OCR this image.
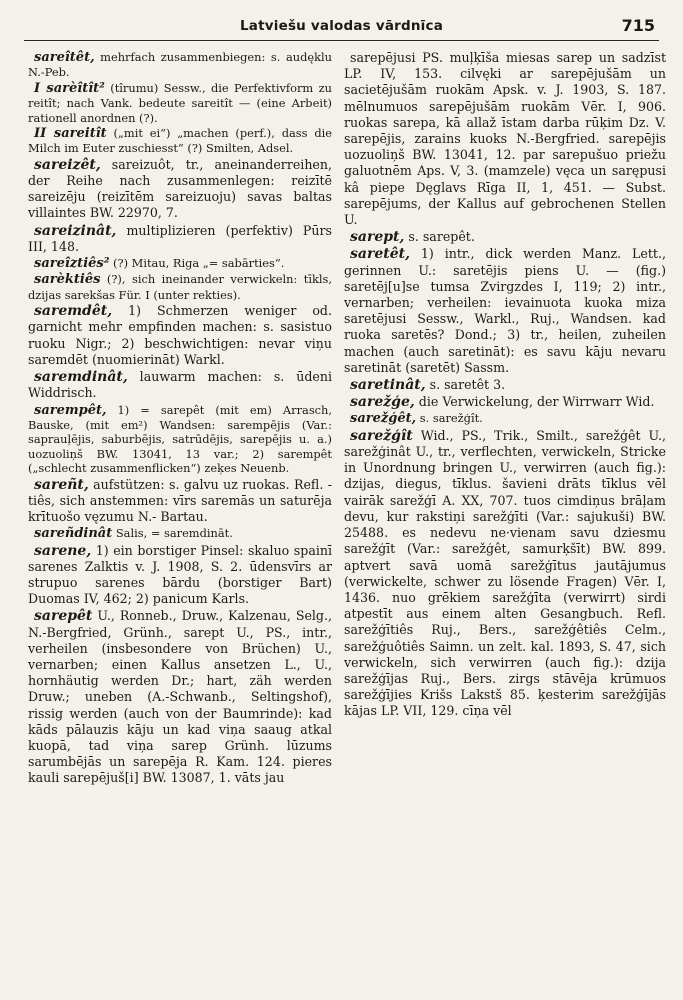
Latviešu valodas vārdnīca	715

sareîtêt, mehrfach zusammenbiegen: s. audęklu N.-Peb.

I sarèîtît² (tîrumu) Sessw., die Perfektivform zu reitît; nach Vank. bedeute sareitît — (eine Arbeit) rationell anordnen (?).

II sareitît („mit ei“) „machen (perf.), dass die Milch im Euter zuschiesst“ (?) Smilten, Adsel.

sareizêt, sareizuôt, tr., aneinanderreihen, der Reihe nach zusammenlegen: reizītē sareizēju (reizītēm sareizuoju) savas baltas villaintes BW. 22970, 7.

sareizinât, multiplizieren (perfektiv) Pūrs III, 148.

sareîztiês² (?) Mitau, Riga „= sabārties“.

sarèktiês (?), sich ineinander verwickeln: tīkls, dzijas sarekšas Für. I (unter rekties).

saremdêt, 1) Schmerzen weniger od. garnicht mehr empfinden machen: s. sasistuo ruoku Nigr.; 2) beschwichtigen: nevar viņu saremdēt (nuomierināt) Warkl.

saremdinât, lauwarm machen: s. ūdeni Widdrisch.

sarempêt, 1) = sarepêt (mit em) Arrasch, Bauske, (mit em²) Wandsen: sarempējis (Var.: saprauļējis, saburbējis, satrūdējis, sarepējis u. a.) uozuoliņš BW. 13041, 13 var.; 2) sarempêt („schlecht zusammenflicken“) zeķes Neuenb.

sareñt, aufstützen: s. galvu uz ruokas. Refl. -tiês, sich anstemmen: vīrs saremās un saturēja krītuošo vęzumu N.- Bartau.

sareñdinât Salis, = saremdināt.

sarene, 1) ein borstiger Pinsel: skaluo spainī sarenes Zalktis v. J. 1908, S. 2. ūdensvīrs ar strupuo sarenes bārdu (borstiger Bart) Duomas IV, 462; 2) panicum Karls.

sarepêt U., Ronneb., Druw., Kalzenau, Selg., N.-Bergfried, Grünh., sarept U., PS., intr., verheilen (insbesondere von Brüchen) U., vernarben; einen Kallus ansetzen L., U., hornhäutig werden Dr.; hart, zäh werden Druw.; uneben (A.-Schwanb., Seltingshof), rissig werden (auch von der Baumrinde): kad kāds pālauzis kāju un kad viņa saaug atkal kuopā, tad viņa sarep Grünh. lūzums sarumbējās un sarepēja R. Kam. 124. pieres kauli sarepējuš[i] BW. 13087, 1. vāts jau

sarepējusi PS. muļķīša miesas sarep un sadzīst LP. IV, 153. cilvęki ar sarepējušām un sacietējušām ruokām Apsk. v. J. 1903, S. 187. mēlnumuos sarepējušām ruokām Vēr. I, 906. ruokas sarepa, kā allaž īstam darba rūķim Dz. V. sarepējis, zarains kuoks N.-Bergfried. sarepējis uozuoliņš BW. 13041, 12. par sareрušuo priežu galuotnēm Aps. V, 3. (mamzele) vęca un sarępusi kâ piepe Dęglavs Rīga II, 1, 451. — Subst. sarepējums, der Kallus auf gebrochenen Stellen U.

sarept, s. sarepêt.

saretêt, 1) intr., dick werden Manz. Lett., gerinnen U.: saretējis piens U. — (fig.) saretēj[u]se tumsa Zvirgzdes I, 119; 2) intr., vernarben; verheilen: ievainuota kuoka miza saretējusi Sessw., Warkl., Ruj., Wandsen. kad ruoka saretēs? Dond.; 3) tr., heilen, zuheilen machen (auch saretināt): es savu kāju nevaru saretināt (saretēt) Sassm.

saretinât, s. saretêt 3.

sarežģe, die Verwickelung, der Wirrwarr Wid.

sarežģêt, s. sarežģît.

sarežģît Wid., PS., Trik., Smilt., sarežģêt U., sarežģinât U., tr., verflechten, verwickeln, Stricke in Unordnung bringen U., verwirren (auch fig.): dzijas, diegus, tīklus. šavieni drāts tīklus vēl vairāk sarežģī A. XX, 707. tuos cimdiņus brāļam devu, kur rakstiņi sarežģīti (Var.: sajukuši) BW. 25488. es nedevu ne·vienam savu dziesmu sarežģīt (Var.: sarežģêt, samurķšīt) BW. 899. aptvert savā uomā sarežģītus jautājumus (verwickelte, schwer zu lösende Fragen) Vēr. I, 1436. nuo grēkiem sarežģīta (verwirrt) sirdi atpestīt aus einem alten Gesangbuch. Refl. sarežģītiês Ruj., Bers., sarežģêtiês Celm., sarežģuôtiês Saimn. un zelt. kal. 1893, S. 47, sich verwickeln, sich verwirren (auch fig.): dzija sarežģījas Ruj., Bers. zirgs stāvēja krūmuos sarežģījies Krišs Lakstš 85. ķesterim sarežģījās kājas LP. VII, 129. cīņa vēl
